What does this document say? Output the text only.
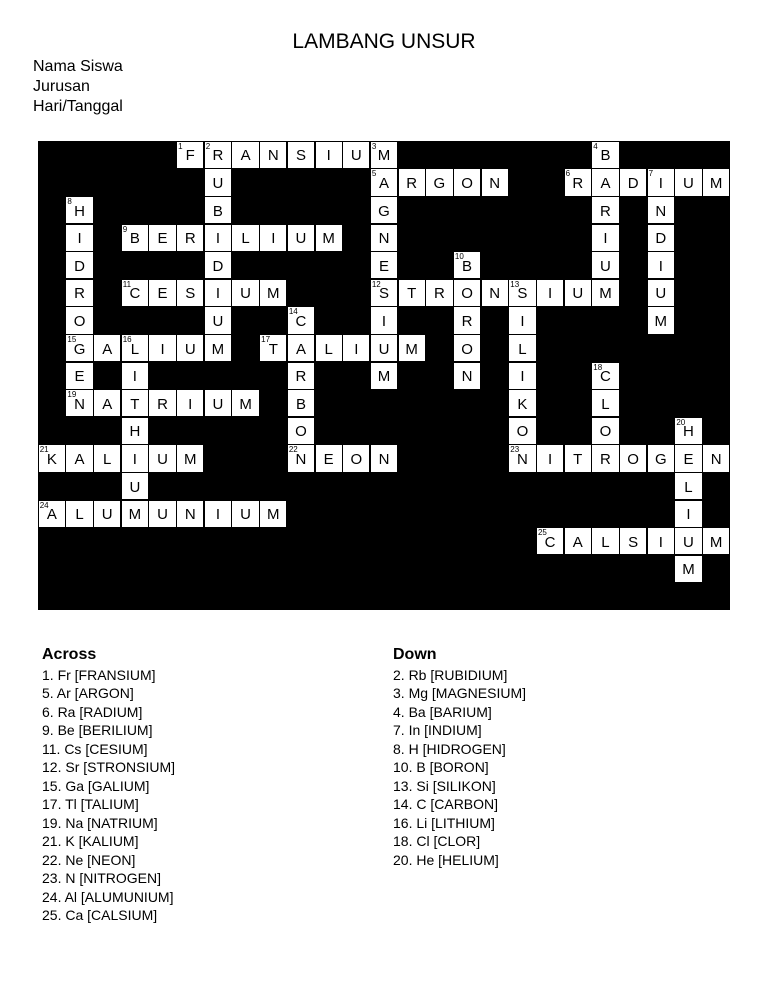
LAMBANG UNSUR
Nama Siswa
Jurusan
Hari/Tanggal
1
F
2
R A N S I U
3
M
U
B
I
D
I
U
M
5
A
G
N
E
12
S
I
U
M
4
B
A
R
I
U
M
R G O N
6
R	D
7
I U M
N
D
I
U
M
8
H
I
D
R
O
15
G
E
19
N
9
B E R	L I U M
10
B
O
R
O
N
11
C E S	U M	T R	N
13
S I U
I
L
I
K
O
23
N
14
C
A
R
B
O
22
N
A
16
L I U
I
T
H
I
U
M
17
T	L I	M
18
C
L
O
R
A	R I U M
20
H
E
L
I
U
M
21
K A L	U M	E O N	I T	O G	N
24
A L U	U N I U M
25
C A L S I	M
Across
1. Fr [FRANSIUM]
5. Ar [ARGON]
6. Ra [RADIUM]
9. Be [BERILIUM]
11. Cs [CESIUM]
12. Sr [STRONSIUM]
15. Ga [GALIUM]
17. Tl [TALIUM]
19. Na [NATRIUM]
21. K [KALIUM]
22. Ne [NEON]
23. N [NITROGEN]
24. Al [ALUMUNIUM]
25. Ca [CALSIUM]
Down
2. Rb [RUBIDIUM]
3. Mg [MAGNESIUM]
4. Ba [BARIUM]
7. In [INDIUM]
8. H [HIDROGEN]
10. B [BORON]
13. Si [SILIKON]
14. C [CARBON]
16. Li [LITHIUM]
18. Cl [CLOR]
20. He [HELIUM]
